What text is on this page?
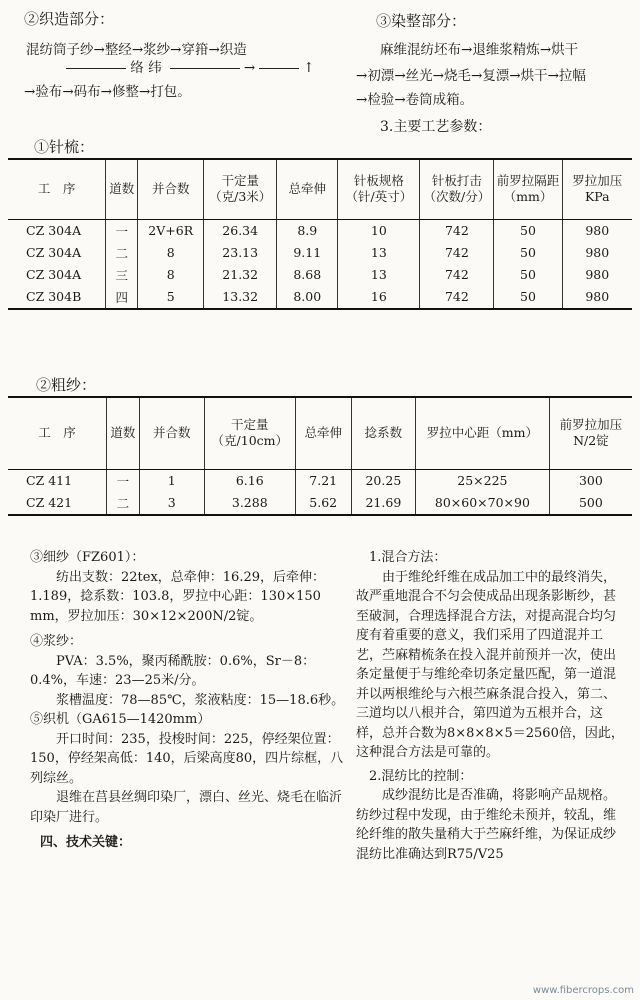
②织造部分：
混纺筒子纱→整经→浆纱→穿箝→织造
络 纬	→	↑
→验布→码布→修整→打包。
③染整部分：
麻维混纺坯布→退维浆精炼→烘干
→初漂→丝光→烧毛→复漂→烘干→拉幅
→检验→卷筒成箱。
3.主要工艺参数：
①针梳：
工　序	道数	并合数	干定量（克/3米）	总牵伸	针板规格（针/英寸）	针板打击（次数/分）	前罗拉隔距（mm）	罗拉加压KPa
CZ 304A	一	2V+6R	26.34	8.9	10	742	50	980
CZ 304A	二	8	23.13	9.11	13	742	50	980
CZ 304A	三	8	21.32	8.68	13	742	50	980
CZ 304B	四	5	13.32	8.00	16	742	50	980
②粗纱：
工　序	道数	并合数	干定量（克/10cm）	总牵伸	捻系数	罗拉中心距（mm）	前罗拉加压N/2锭
CZ 411	一	1	6.16	7.21	20.25	25×225	300
CZ 421	二	3	3.288	5.62	21.69	80×60×70×90	500

③细纱（FZ601）：

纺出支数：22tex，总牵伸：16.29，后牵伸：1.189，捻系数：103.8，罗拉中心距：130×150 mm，罗拉加压：30×12×200N/2锭。

④浆纱：

PVA：3.5%，聚丙稀酰胺：0.6%，Sr－8：0.4%，车速：23—25米/分。

浆槽温度：78—85℃，浆液粘度：15—18.6秒。

⑤织机（GA615—1420mm）

开口时间：235，投梭时间：225，停经架位置：150，停经架高低：140，后梁高度80，四片综框，八列综丝。

退维在莒县丝绸印染厂，漂白、丝光、烧毛在临沂印染厂进行。

四、技术关键：

1.混合方法：

由于维纶纤维在成品加工中的最终消失，故严重地混合不匀会使成品出现条影断纱，甚至破洞，合理选择混合方法，对提高混合均匀度有着重要的意义，我们采用了四道混并工艺，苎麻精梳条在投入混并前预并一次，使出条定量便于与维纶牵切条定量匹配，第一道混并以两根维纶与六根苎麻条混合投入，第二、三道均以八根并合，第四道为五根并合，这样，总并合数为8×8×8×5＝2560倍，因此，这种混合方法是可靠的。

2.混纺比的控制：

成纱混纺比是否准确，将影响产品规格。纺纱过程中发现，由于维纶未预并，较乱，维纶纤维的散失量稍大于苎麻纤维，为保证成纱混纺比准确达到R75/V25

www.fibercrops.com
